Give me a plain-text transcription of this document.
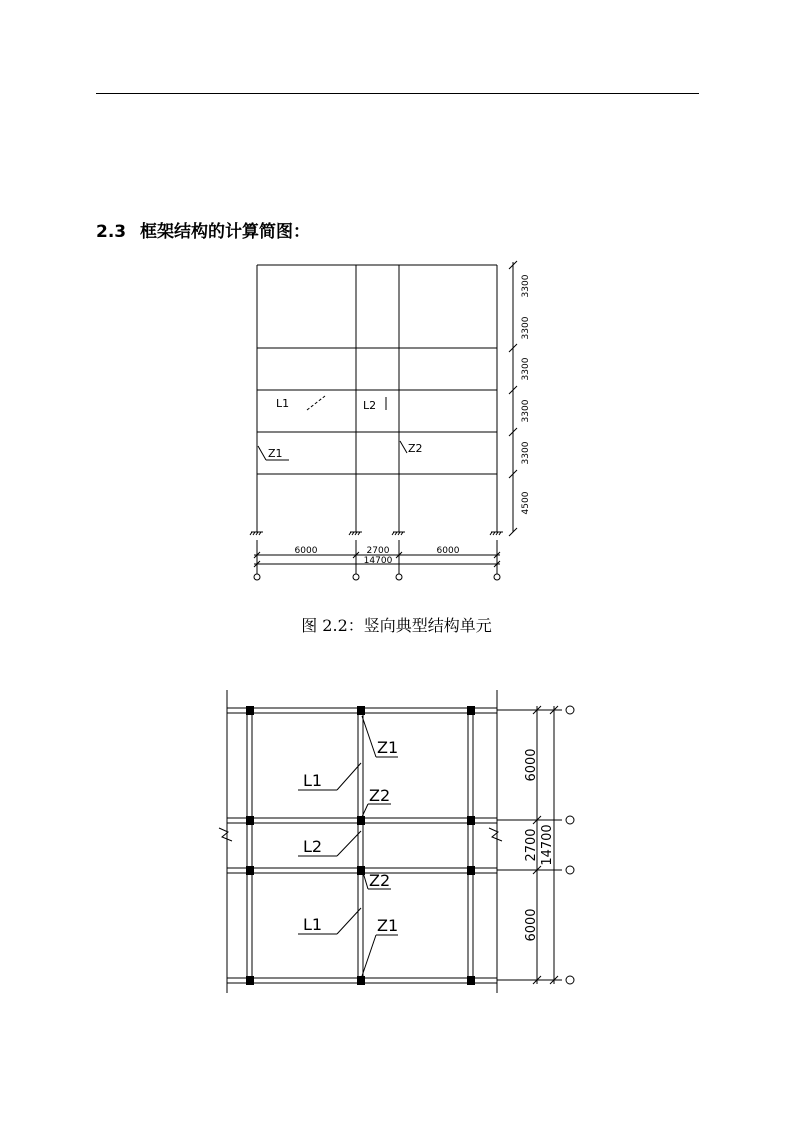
2.3 框架结构的计算简图：
L1	L2
Z1	Z2
6000	2700	6000
14700
3300
3300
3300
3300
3300
4500
Z1
L1
Z2
L2
Z2
L1	Z1
6000
2700
6000
14700
图 2.2：竖向典型结构单元
